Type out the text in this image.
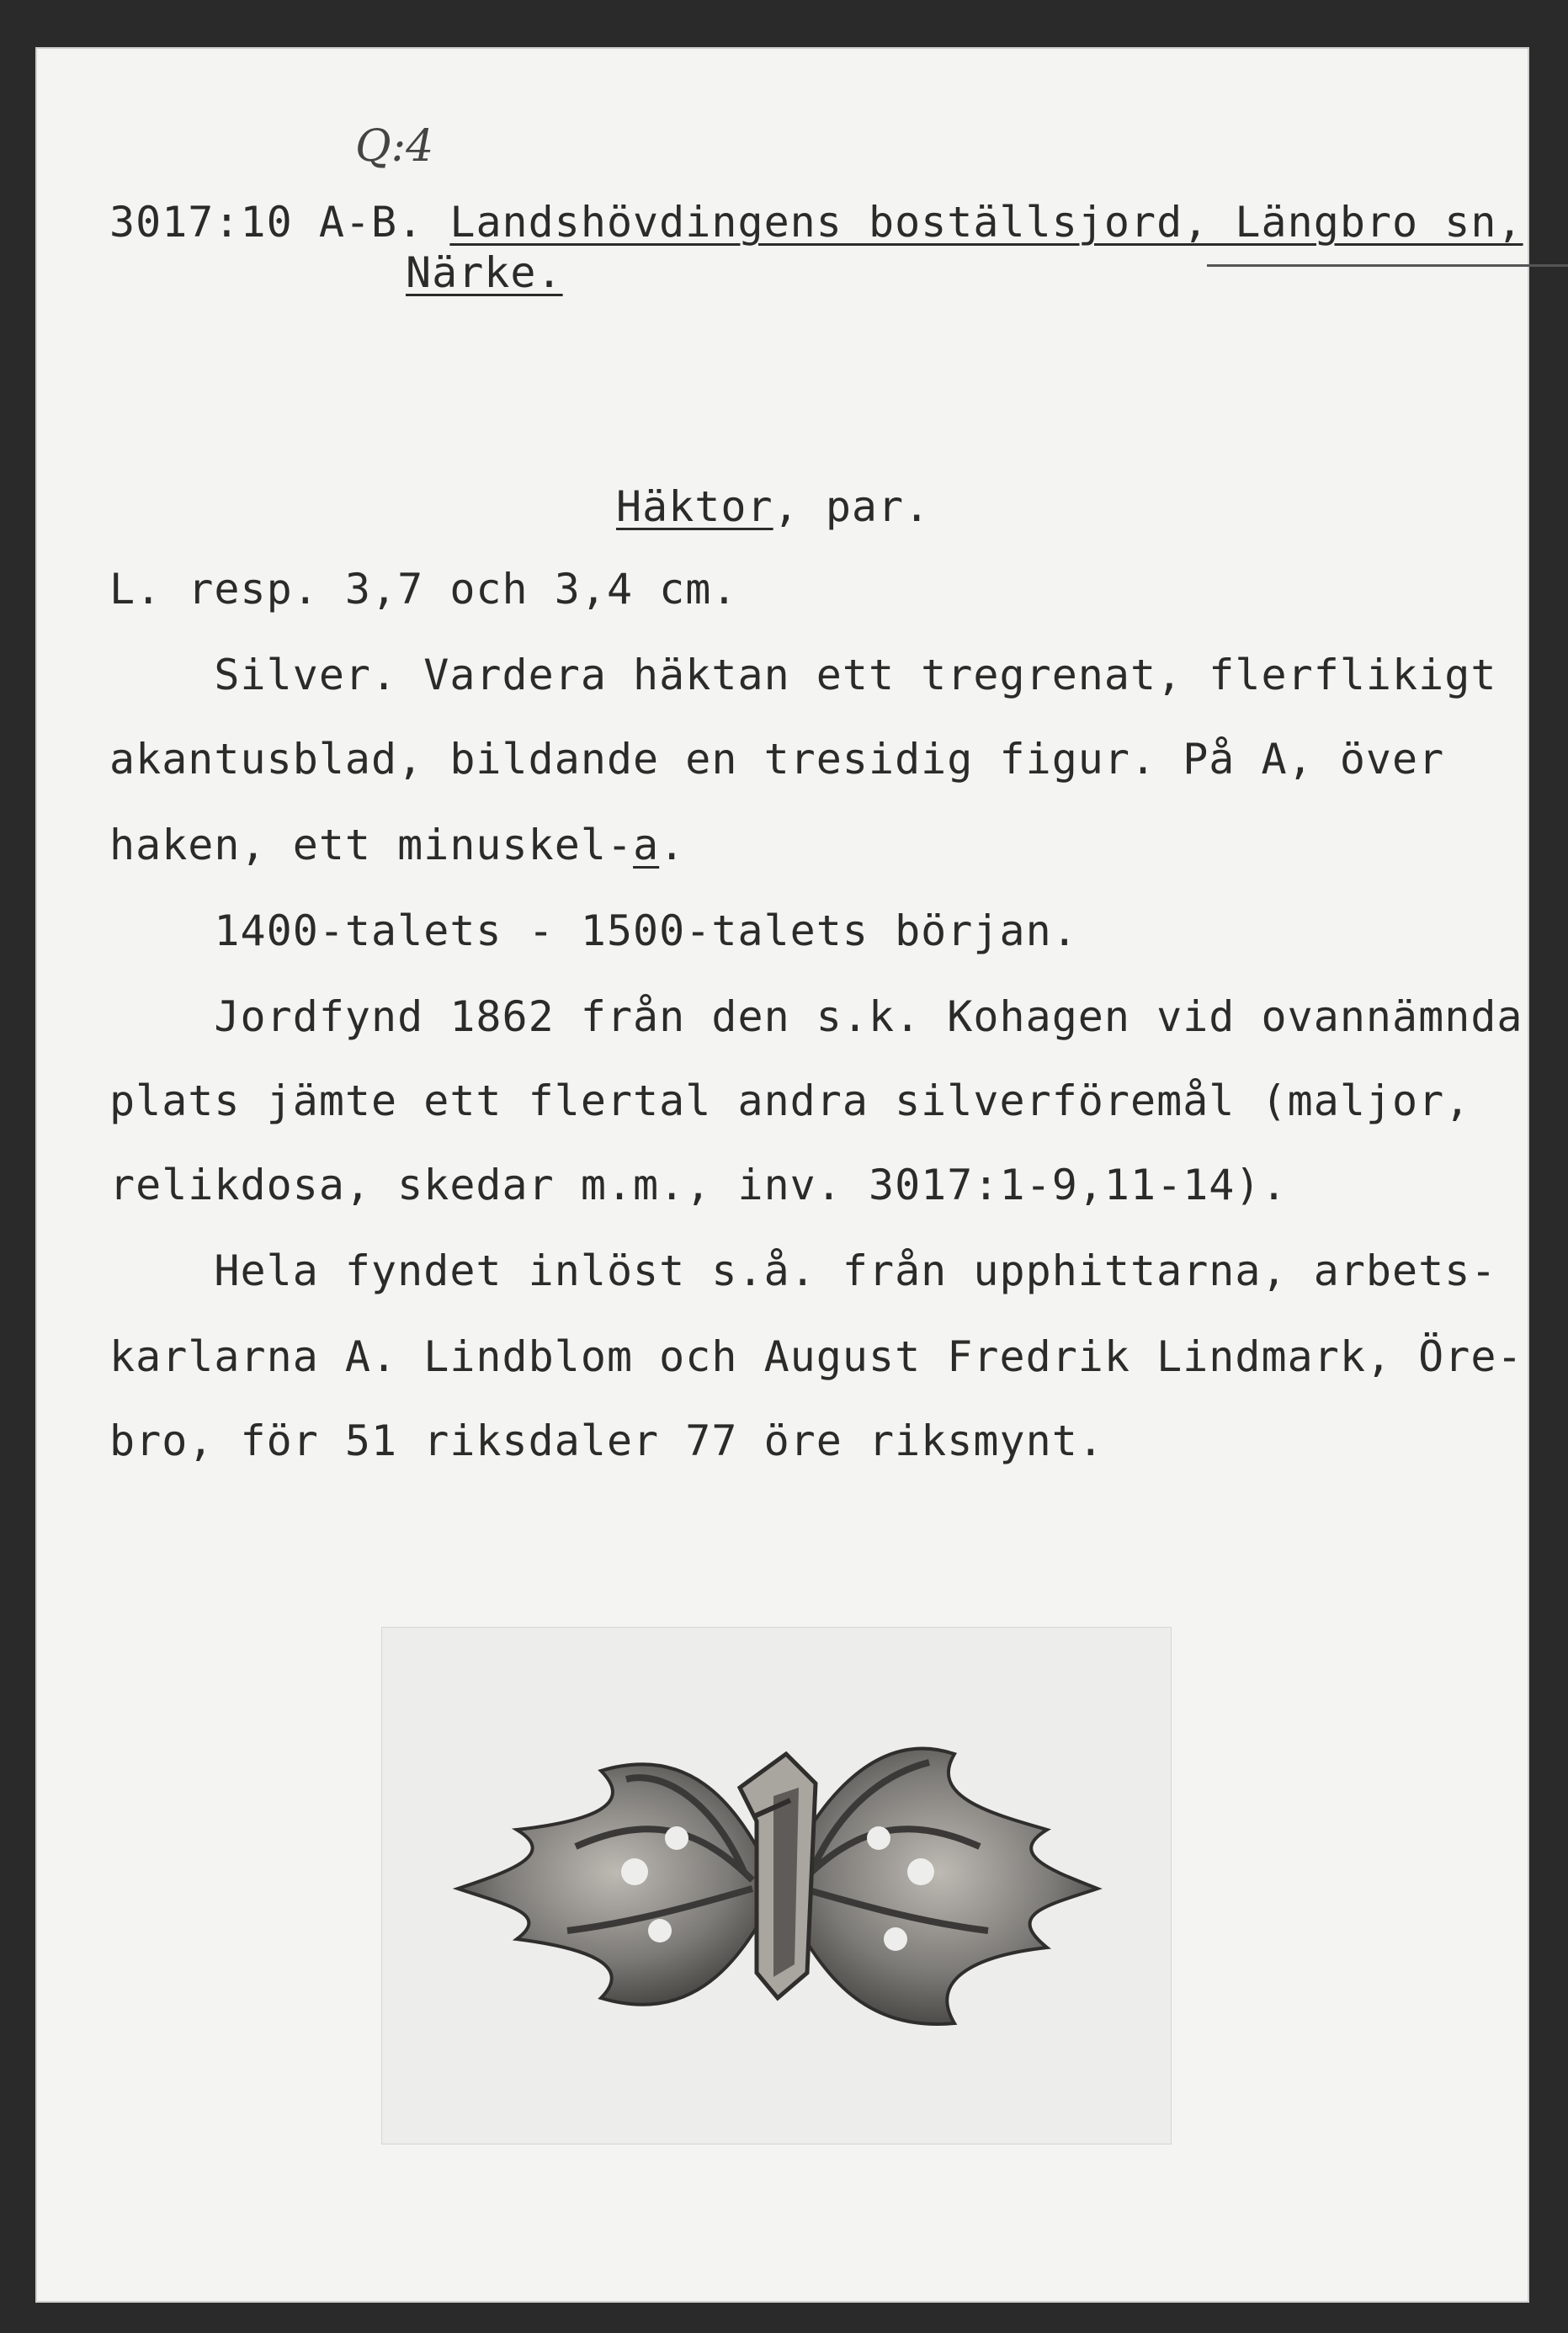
Q:4

3017:10 A-B. Landshövdingens boställsjord, Längbro sn,

Närke.

Häktor, par.

L. resp. 3,7 och 3,4 cm.

Silver. Vardera häktan ett tregrenat, flerflikigt

akantusblad, bildande en tresidig figur. På A, över

haken, ett minuskel-a.

1400-talets - 1500-talets början.

Jordfynd 1862 från den s.k. Kohagen vid ovannämnda

plats jämte ett flertal andra silverföremål (maljor,

relikdosa, skedar m.m., inv. 3017:1-9,11-14).

Hela fyndet inlöst s.å. från upphittarna, arbets-

karlarna A. Lindblom och August Fredrik Lindmark, Öre-

bro, för 51 riksdaler 77 öre riksmynt.
